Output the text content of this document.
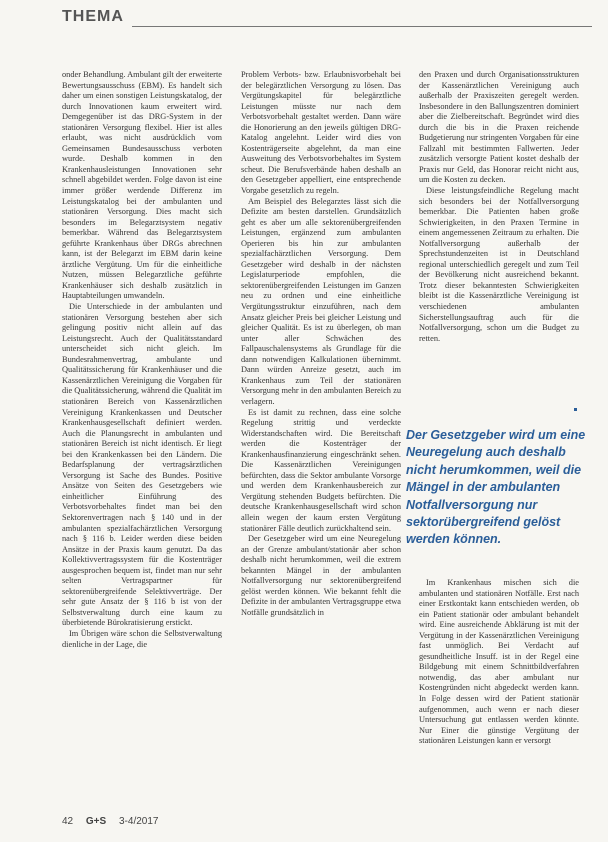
THEMA

onder Behandlung. Ambulant gilt der erweiterte Bewertungsausschuss (EBM). Es handelt sich daher um einen sonstigen Leistungskatalog, der durch Innovationen kaum erweitert wird. Demgegenüber ist das DRG-System in der stationären Versorgung flexibel. Hier ist alles erlaubt, was nicht ausdrücklich vom Gemeinsamen Bundesausschuss verboten wurde. Deshalb kommen in den Krankenhausleistungen Innovationen sehr schnell abgebildet werden. Folge davon ist eine immer größer werdende Differenz im Leistungskatalog bei der ambulanten und stationären Versorgung. Dies macht sich besonders im Belegarztsystem negativ bemerkbar. Während das Belegarztsystem geführte Krankenhaus über DRGs abrechnen kann, ist der Belegarzt im EBM darin keine ärztliche Vergütung. Um für die einheitliche Nutzen, müssen Belegarztliche geführte Krankenhäuser sich deshalb zusätzlich in Hauptabteilungen umwandeln.

Die Unterschiede in der ambulanten und stationären Versorgung bestehen aber sich gelingung positiv nicht allein auf das Leistungsrecht. Auch der Qualitätsstandard unterscheidet sich nicht gleich. Im Bundesrahmenvertrag, ambulante und Qualitätssicherung für Krankenhäuser und die Kassenärztlichen Vereinigung die Vorgaben für die Qualitätssicherung, während die Qualität im stationären Bereich von Kassenärztlichen Vereinigung Krankenkassen und Deutscher Krankenhausgesellschaft definiert werden. Auch die Planungsrecht in ambulanten und stationären Bereich ist nicht identisch. Er liegt bei den Krankenkassen bei den Ländern. Die Bedarfsplanung der vertragsärztlichen Versorgung ist Sache des Bundes. Positive Ansätze von Seiten des Gesetzgebers wie einheitlicher Einführung des Verbotsvorbehaltes findet man bei den Sektorenvertragen nach § 140 und in der ambulanten spezialfachärztlichen Versorgung nach § 116 b. Leider werden diese beiden Ansätze in der Praxis kaum genutzt. Da das Kollektivvertragssystem für die Kostenträger ausgesprochen bequem ist, findet man nur sehr selten Vertragspartner für sektorenübergreifende Selektivverträge. Der sehr gute Ansatz der § 116 b ist von der Selbstverwaltung durch eine kaum zu überbietende Bürokratisierung erstickt.

Im Übrigen wäre schon die Selbstverwaltung dienliche in der Lage, die

Problem Verbots- bzw. Erlaubnisvorbehalt bei der belegärztlichen Versorgung zu lösen. Das Vergütungskapitel für belegärztliche Leistungen müsste nur nach dem Verbotsvorbehalt gestaltet werden. Dann wäre die Honorierung an den jeweils gültigen DRG-Katalog angelehnt. Leider wird dies von Kostenträgerseite abgelehnt, da man eine Ausweitung des Verbotsvorbehaltes im System scheut. Die Berufsverbände haben deshalb an den Gesetzgeber appelliert, eine entsprechende Vorgabe gesetzlich zu regeln.

Am Beispiel des Belegarztes lässt sich die Defizite am besten darstellen. Grundsätzlich geht es aber um alle sektorenübergreifenden Leistungen, ergänzend zum ambulanten Operieren bis hin zur ambulanten spezialfachärztlichen Versorgung. Dem Gesetzgeber wird deshalb in der nächsten Legislaturperiode empfohlen, die sektorenübergreifenden Leistungen im Ganzen neu zu ordnen und eine einheitliche Vergütungsstruktur einzuführen, nach dem Ansatz gleicher Preis bei gleicher Leistung und gleicher Qualität. Es ist zu überlegen, ob man unter aller Schwächen des Fallpauschalensystems als Grundlage für die dann notwendigen Kalkulationen übernimmt. Dann würden Anreize gesetzt, auch im Krankenhaus zum Teil der stationären Versorgung mehr in den ambulanten Bereich zu verlagern.

Es ist damit zu rechnen, dass eine solche Regelung strittig und verdeckte Widerstandschaften wird. Die Bereitschaft werden die Kostenträger der Krankenhausfinanzierung eingeschränkt sehen. Die Kassenärztlichen Vereinigungen befürchten, dass die Sektor ambulante Vorsorge und werden dem Krankenhausbereich zur Vergütung stehenden Budgets befürchten. Die deutsche Krankenhausgesellschaft wird schon allein wegen der kaum ersten Vergütung stationärer Fälle deutlich zurückhaltend sein.

Der Gesetzgeber wird um eine Neuregelung an der Grenze ambulant/stationär aber schon deshalb nicht herumkommen, weil die extrem bekannten Mängel in der ambulanten Notfallversorgung nur sektorenübergreifend gelöst werden können. Wie bekannt fehlt die Defizite in der ambulanten Vertragsgruppe etwa Notfälle grundsätzlich in

den Praxen und durch Organisationsstrukturen der Kassenärztlichen Vereinigung auch außerhalb der Praxiszeiten geregelt werden. Insbesondere in den Ballungszentren dominiert aber die Zielbereitschaft. Begründet wird dies durch die bis in die Praxen reichende Budgetierung nur stringenten Vorgaben für eine Fallzahl mit bestimmten Fallwerten. Jeder zusätzlich versorgte Patient kostet deshalb der Praxis nur Geld, das Honorar reicht nicht aus, um die Kosten zu decken.

Diese leistungsfeindliche Regelung macht sich besonders bei der Notfallversorgung bemerkbar. Die Patienten haben große Schwierigkeiten, in den Praxen Termine in einem angemessenen Zeitraum zu erhalten. Die Notfallversorgung außerhalb der Sprechstundenzeiten ist in Deutschland regional unterschiedlich geregelt und zum Teil der Bevölkerung nicht ausreichend bekannt. Trotz dieser bekanntesten Schwierigkeiten bleibt ist die Kassenärztliche Vereinigung ist verschiedenen ambulanten Sicherstellungsauftrag auch für die Notfallversorgung, schon um die Budget zu retten.

Im Krankenhaus mischen sich die ambulanten und stationären Notfälle. Erst nach einer Erstkontakt kann entschieden werden, ob ein Patient stationär oder ambulant behandelt wird. Eine ausreichende Abklärung ist mit der Vergütung in der Kassenärztlichen Vereinigung fast unmöglich. Bei Verdacht auf gesundheitliche Insuff. ist in der Regel eine Bildgebung mit einem Schnittbildverfahren notwendig, das aber ambulant nur Kostengründen nicht abgedeckt werden kann. In Folge dessen wird der Patient stationär aufgenommen, auch wenn er nach dieser Untersuchung gut entlassen werden könnte. Nur Einer die günstige Vergütung der stationären Leistungen kann er versorgt

Der Gesetzgeber wird um eine Neuregelung auch deshalb nicht herumkommen, weil die Mängel in der ambulanten Notfallversorgung nur sektorübergreifend gelöst werden können.
42 G+S 3-4/2017
